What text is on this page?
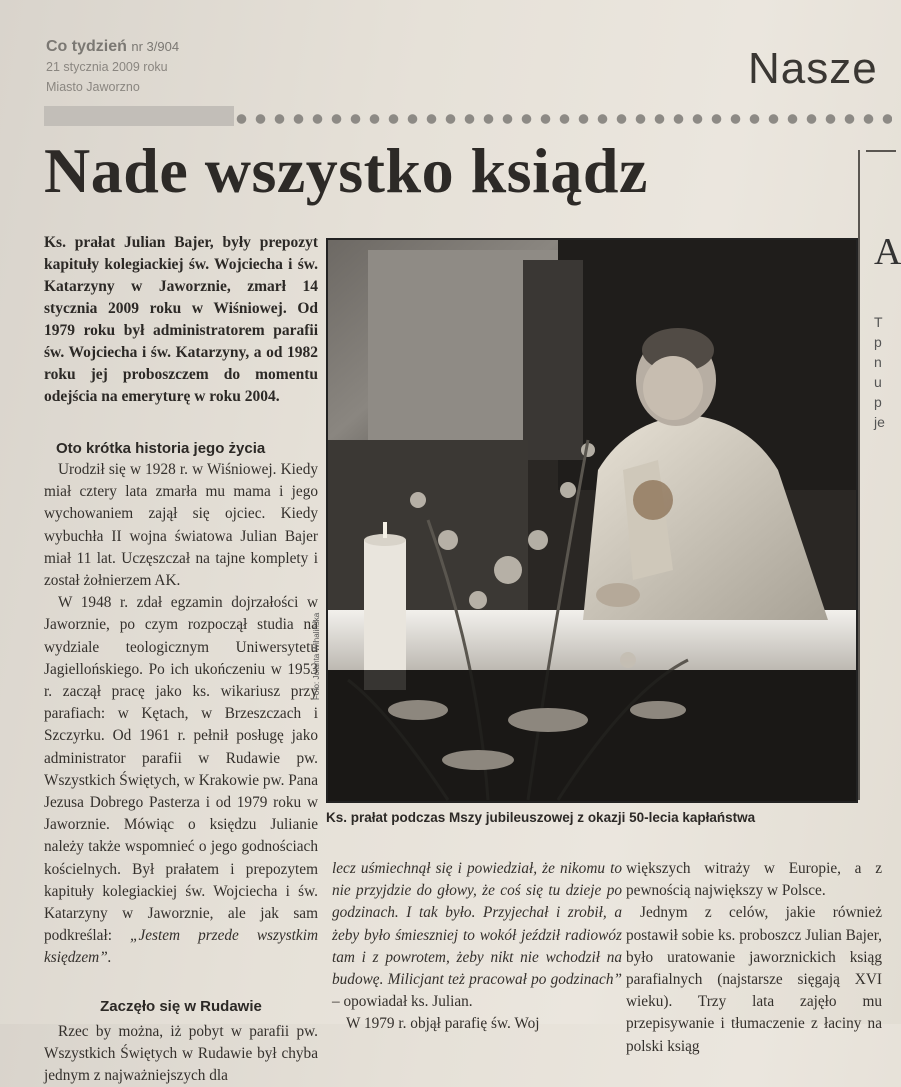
Co tydzień nr 3/904
21 stycznia 2009 roku
Miasto Jaworzno	Nasze
Nade wszystko ksiądz
A
T
p
n
u
p
je
Ks. prałat Julian Bajer, były prepozyt kapituły kolegiackiej św. Wojciecha i św. Katarzyny w Jaworznie, zmarł 14 stycznia 2009 roku w Wiśniowej. Od 1979 roku był administratorem parafii św. Wojciecha i św. Katarzyny, a od 1982 roku jej proboszczem do momentu odejścia na emeryturę w roku 2004.
Oto krótka historia jego życia

Urodził się w 1928 r. w Wiśniowej. Kiedy miał cztery lata zmarła mu mama i jego wychowaniem zajął się ojciec. Kiedy wybuchła II wojna światowa Julian Bajer miał 11 lat. Uczęszczał na tajne komplety i został żołnierzem AK.

W 1948 r. zdał egzamin dojrzałości w Jaworznie, po czym rozpoczął studia na wydziale teologicznym Uniwersytetu Jagiellońskiego. Po ich ukończeniu w 1953 r. zaczął pracę jako ks. wikariusz przy parafiach: w Kętach, w Brzeszczach i Szczyrku. Od 1961 r. pełnił posługę jako administrator parafii w Rudawie pw. Wszystkich Świętych, w Krakowie pw. Pana Jezusa Dobrego Pasterza i od 1979 roku w Jaworznie. Mówiąc o księdzu Julianie należy także wspomnieć o jego godnościach kościelnych. Był prałatem i prepozytem kapituły kolegiackiej św. Wojciecha i św. Katarzyny w Jaworznie, ale jak sam podkreślał: „Jestem przede wszystkim księdzem”.

Zaczęło się w Rudawie

Rzec by można, iż pobyt w parafii pw. Wszystkich Świętych w Rudawie był chyba jednym z najważniejszych dla

Foto: Jolanta Wihalińska
Ks. prałat podczas Mszy jubileuszowej z okazji 50-lecia kapłaństwa

lecz uśmiechnął się i powiedział, że nikomu to nie przyjdzie do głowy, że coś się tu dzieje po godzinach. I tak było. Przyjechał i zrobił, a żeby było śmieszniej to wokół jeździł radiowóz tam i z powrotem, żeby nikt nie wchodził na budowę. Milicjant też pracował po godzinach” – opowiadał ks. Julian.

W 1979 r. objął parafię św. Woj

większych witraży w Europie, a z pewnością największy w Polsce.

Jednym z celów, jakie również postawił sobie ks. proboszcz Julian Bajer, było uratowanie jaworznickich ksiąg parafialnych (najstarsze sięgają XVI wieku). Trzy lata zajęło mu przepisywanie i tłumaczenie z łaciny na polski ksiąg
